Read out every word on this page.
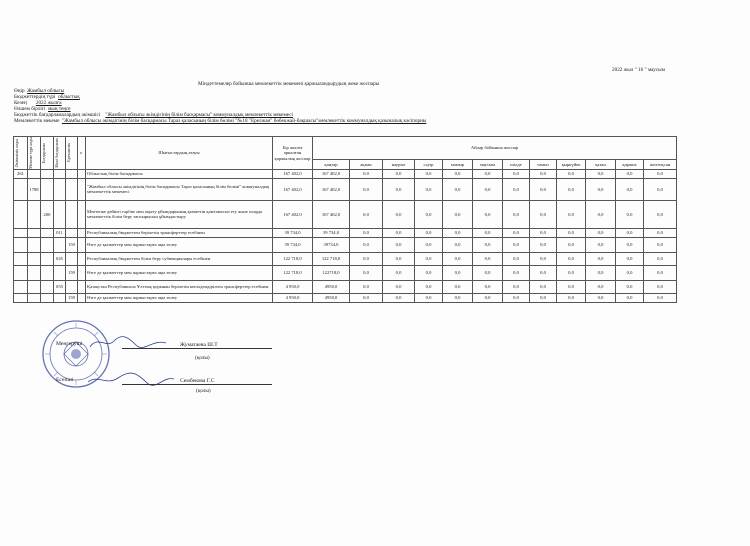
2022 жыл " 16 " маусым
Міндеттемелер бойынша мемлекеттік мекемені қаржыландырудың жеке жоспары
Өңір Жамбыл облысы
Бюджеттердің түрі облыстық
Кезең 2022 жылға
Өлшем бірлігі мың теңге
Бюджеттік бағдарламалардың әкімшісі "Жамбыл облысы әкімдігінің білім басқармасы" коммуналдық мемлекеттік мекемесі
Мемлекеттік мекеме "Жамбыл облысы әкімдігінің білім басқармасы Тараз қаласының білім бөлімі "№18 "Ерелжан" бөбекжай-бақшасы"мемлекеттік коммуналдық қазыналық кәсіпорны
Әкімшілік коды	Мекеме түрі коды	Бағдарлама	Кіші бағдарлама	Ерекшелік	п	Шығыстардың атауы	Бір жылға арналған қаржылық жоспар	Айлар бойынша жоспар											
								қаңтар	ақпан	наурыз	сәуір	мамыр	маусым	шілде	тамыз	қыркүйек	қазан	қараша	желтоқсан
261						Облыстық білім басқармасы	167 402,0	167 402,0	0,0	0,0	0,0	0,0	0,0	0,0	0,0	0,0	0,0	0,0	0,0
	1788					"Жамбыл облысы әкімдігінің білім басқармасы Тараз қаласының білім бөлімі" коммуналдық мемлекеттік мекемесі	167 402,0	167 402,0	0,0	0,0	0,0	0,0	0,0	0,0	0,0	0,0	0,0	0,0	0,0
		200				Мектепке дейінгі тәрбие мен оқыту ұйымдарының қызметін қамтамасыз ету және оларда мемлекеттік білім беру тапсырысын ұйымдастыру	167 402,0	167 402,0	0,0	0,0	0,0	0,0	0,0	0,0	0,0	0,0	0,0	0,0	0,0
			011			Республикалық бюджеттен берілетін трансферттер есебінен	39 734,0	39 734,0	0,0	0,0	0,0	0,0	0,0	0,0	0,0	0,0	0,0	0,0	0,0
				159		Өзге де қызметтер мен жұмыстарға ақы төлеу	39 734,0	39734,0	0,0	0,0	0,0	0,0	0,0	0,0	0,0	0,0	0,0	0,0	0,0
			045			Республикалық бюджеттен білім беру субвенциялары есебінен	122 718,0	122 718,0	0,0	0,0	0,0	0,0	0,0	0,0	0,0	0,0	0,0	0,0	0,0
				159		Өзге де қызметтер мен жұмыстарға ақы төлеу	122 718,0	122718,0	0,0	0,0	0,0	0,0	0,0	0,0	0,0	0,0	0,0	0,0	0,0
			055			Қазақстан Республикасы Ұлттық қорынан берілетін кепілдендірілген трансферттер есебінен	4 950,0	4950,0	0,0	0,0	0,0	0,0	0,0	0,0	0,0	0,0	0,0	0,0	0,0
				159		Өзге де қызметтер мен жұмыстарға ақы төлеу	4 950,0	4950,0	0,0	0,0	0,0	0,0	0,0	0,0	0,0	0,0	0,0	0,0	0,0
Меңгеруші	Жуматаева Ш.Т
(қолы)
Есепші	Сембекова Г.С
(қолы)
